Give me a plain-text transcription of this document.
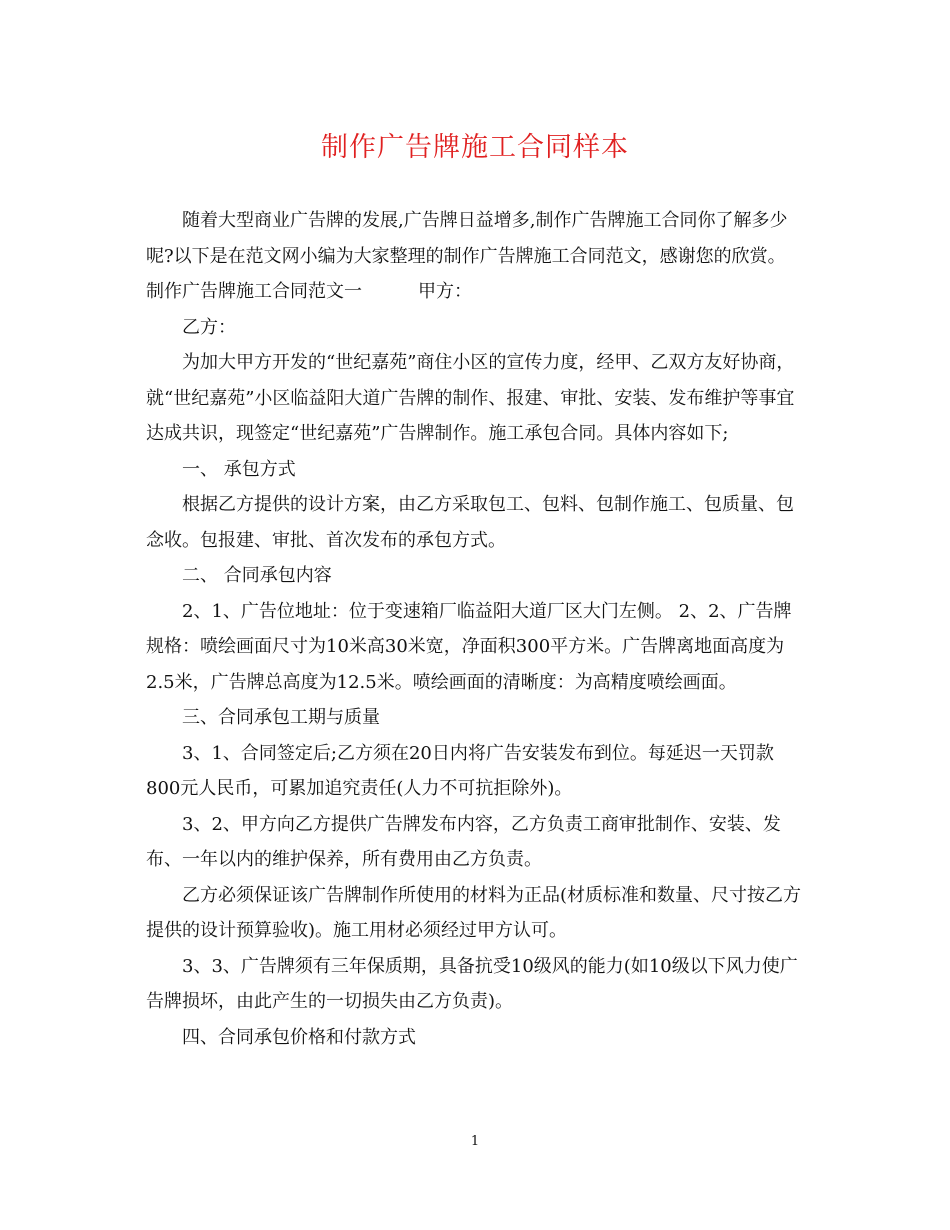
制作广告牌施工合同样本

随着大型商业广告牌的发展,广告牌日益增多,制作广告牌施工合同你了解多少呢?以下是在范文网小编为大家整理的制作广告牌施工合同范文，感谢您的欣赏。

制作广告牌施工合同范文一	甲方：

乙方：

为加大甲方开发的“世纪嘉苑”商住小区的宣传力度，经甲、乙双方友好协商，就“世纪嘉苑”小区临益阳大道广告牌的制作、报建、审批、安装、发布维护等事宜达成共识，现签定“世纪嘉苑”广告牌制作。施工承包合同。具体内容如下;

一、 承包方式

根据乙方提供的设计方案，由乙方采取包工、包料、包制作施工、包质量、包念收。包报建、审批、首次发布的承包方式。

二、 合同承包内容

2、1、广告位地址：位于变速箱厂临益阳大道厂区大门左侧。 2、2、广告牌规格：喷绘画面尺寸为10米高30米宽，净面积300平方米。广告牌离地面高度为2.5米，广告牌总高度为12.5米。喷绘画面的清晰度：为高精度喷绘画面。

三、合同承包工期与质量

3、1、合同签定后;乙方须在20日内将广告安装发布到位。每延迟一天罚款800元人民币，可累加追究责任(人力不可抗拒除外)。

3、2、甲方向乙方提供广告牌发布内容，乙方负责工商审批制作、安装、发布、一年以内的维护保养，所有费用由乙方负责。

乙方必须保证该广告牌制作所使用的材料为正品(材质标准和数量、尺寸按乙方提供的设计预算验收)。施工用材必须经过甲方认可。

3、3、广告牌须有三年保质期，具备抗受10级风的能力(如10级以下风力使广告牌损坏，由此产生的一切损失由乙方负责)。

四、合同承包价格和付款方式

1
